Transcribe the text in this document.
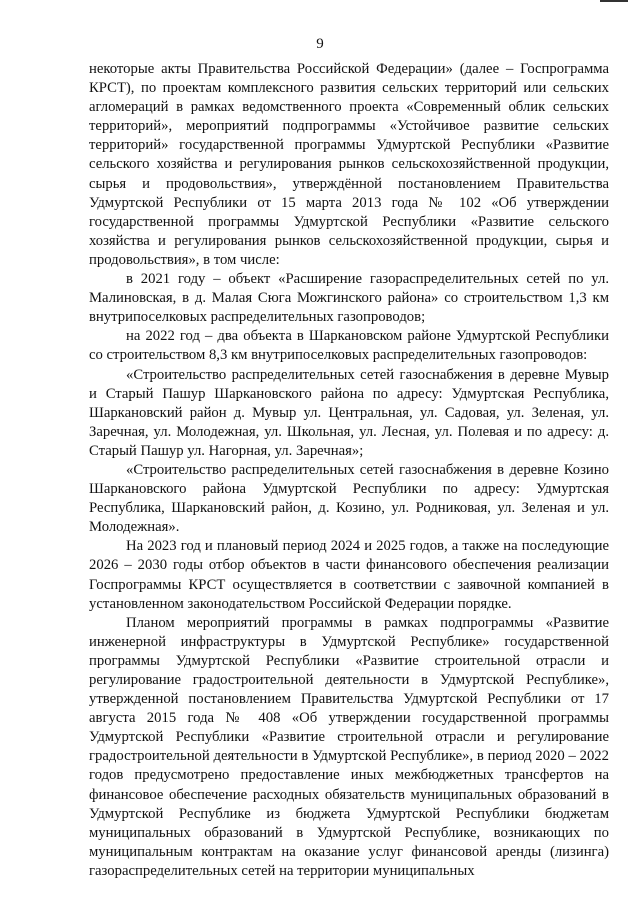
9

некоторые акты Правительства Российской Федерации» (далее – Госпрограмма КРСТ), по проектам комплексного развития сельских территорий или сельских агломераций в рамках ведомственного проекта «Современный облик сельских территорий», мероприятий подпрограммы «Устойчивое развитие сельских территорий» государственной программы Удмуртской Республики «Развитие сельского хозяйства и регулирования рынков сельскохозяйственной продукции, сырья и продовольствия», утверждённой постановлением Правительства Удмуртской Республики от 15 марта 2013 года № 102 «Об утверждении государственной программы Удмуртской Республики «Развитие сельского хозяйства и регулирования рынков сельскохозяйственной продукции, сырья и продовольствия», в том числе:

в 2021 году – объект «Расширение газораспределительных сетей по ул. Малиновская, в д. Малая Сюга Можгинского района» со строительством 1,3 км внутрипоселковых распределительных газопроводов;

на 2022 год – два объекта в Шаркановском районе Удмуртской Республики со строительством 8,3 км внутрипоселковых распределительных газопроводов:

«Строительство распределительных сетей газоснабжения в деревне Мувыр и Старый Пашур Шаркановского района по адресу: Удмуртская Республика, Шаркановский район д. Мувыр ул. Центральная, ул. Садовая, ул. Зеленая, ул. Заречная, ул. Молодежная, ул. Школьная, ул. Лесная, ул. Полевая и по адресу: д. Старый Пашур ул. Нагорная, ул. Заречная»;

«Строительство распределительных сетей газоснабжения в деревне Козино Шаркановского района Удмуртской Республики по адресу: Удмуртская Республика, Шаркановский район, д. Козино, ул. Родниковая, ул. Зеленая и ул. Молодежная».

На 2023 год и плановый период 2024 и 2025 годов, а также на последующие 2026 – 2030 годы отбор объектов в части финансового обеспечения реализации Госпрограммы КРСТ осуществляется в соответствии с заявочной компанией в установленном законодательством Российской Федерации порядке.

Планом мероприятий программы в рамках подпрограммы «Развитие инженерной инфраструктуры в Удмуртской Республике» государственной программы Удмуртской Республики «Развитие строительной отрасли и регулирование градостроительной деятельности в Удмуртской Республике», утвержденной постановлением Правительства Удмуртской Республики от 17 августа 2015 года № 408 «Об утверждении государственной программы Удмуртской Республики «Развитие строительной отрасли и регулирование градостроительной деятельности в Удмуртской Республике», в период 2020 – 2022 годов предусмотрено предоставление иных межбюджетных трансфертов на финансовое обеспечение расходных обязательств муниципальных образований в Удмуртской Республике из бюджета Удмуртской Республики бюджетам муниципальных образований в Удмуртской Республике, возникающих по муниципальным контрактам на оказание услуг финансовой аренды (лизинга) газораспределительных сетей на территории муниципальных
